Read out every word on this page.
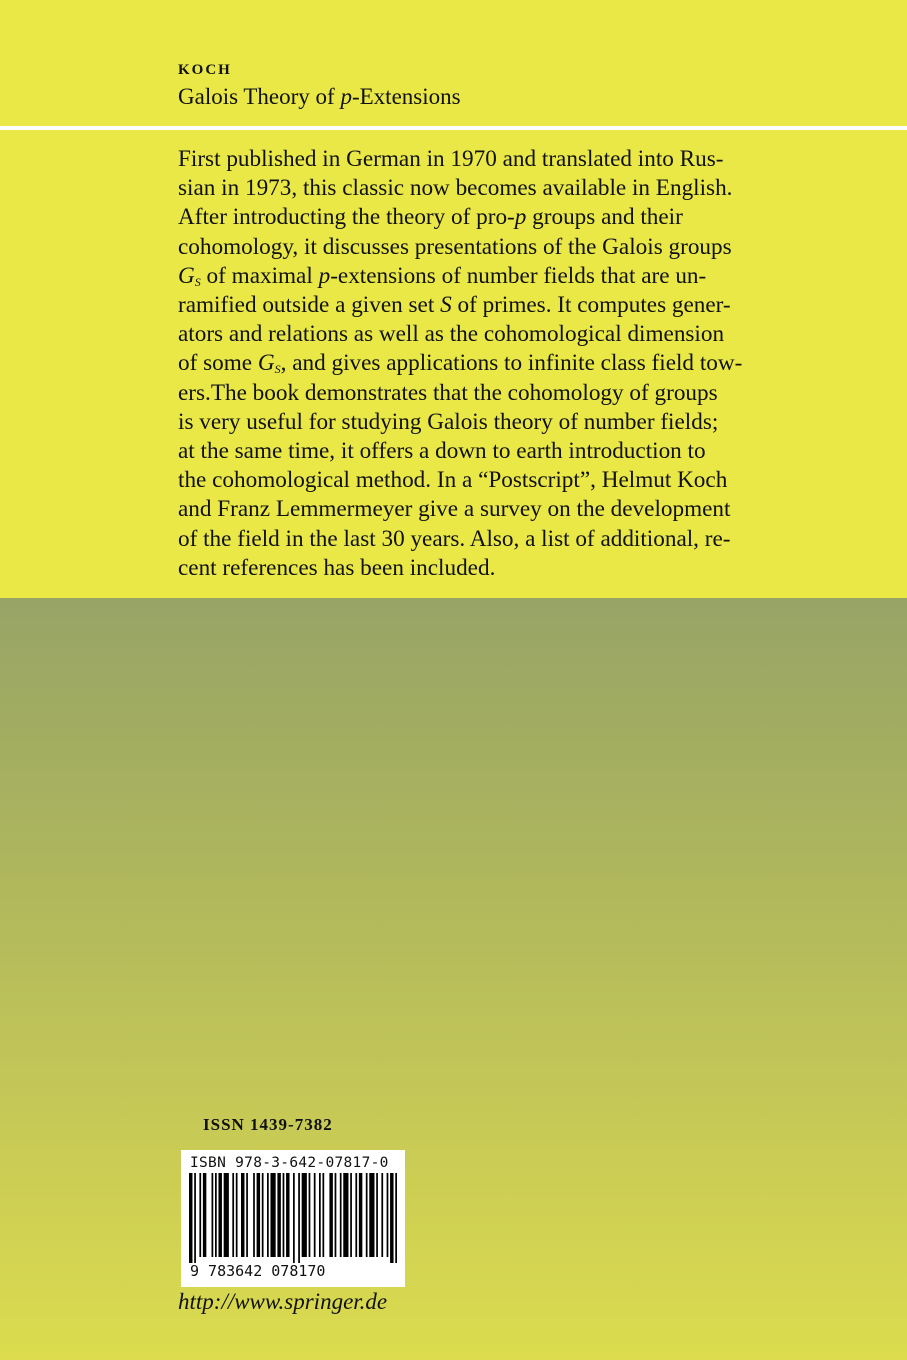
KOCH

Galois Theory of p-Extensions

First published in German in 1970 and translated into Rus-
sian in 1973, this classic now becomes available in English.
After introducting the theory of pro-p groups and their
cohomology, it discusses presentations of the Galois groups
$G_S$ of maximal p-extensions of number fields that are un-
ramified outside a given set S of primes. It computes gener-
ators and relations as well as the cohomological dimension
of some $G_S$, and gives applications to infinite class field tow-
ers.The book demonstrates that the cohomology of groups
is very useful for studying Galois theory of number fields;
at the same time, it offers a down to earth introduction to
the cohomological method. In a “Postscript”, Helmut Koch
and Franz Lemmermeyer give a survey on the development
of the field in the last 30 years. Also, a list of additional, re-
cent references has been included.

ISSN 1439-7382

ISBN 978-3-642-07817-0

9 783642 078170

http://www.springer.de
